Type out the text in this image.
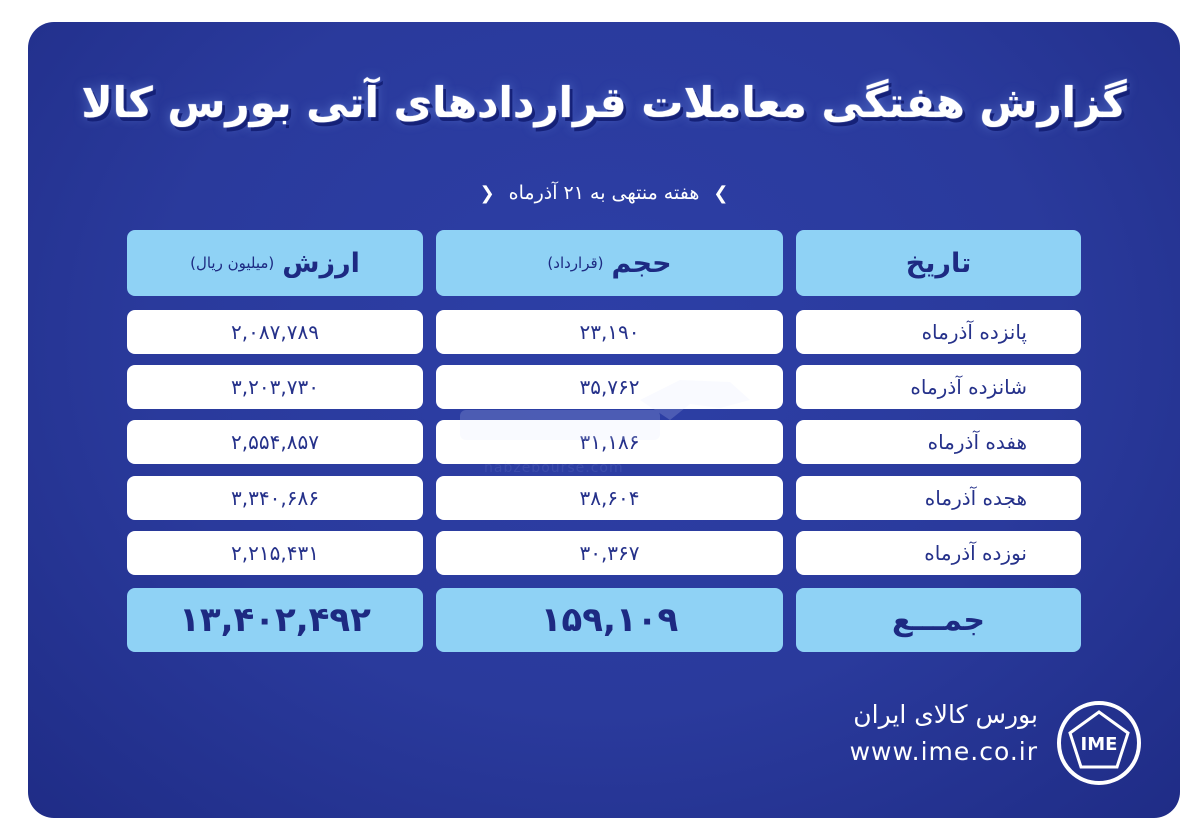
گزارش هفتگی معاملات قراردادهای آتی بورس کالا
❯
هفته منتهی به ۲۱ آذرماه
❮
تاریخ
حجم
(قرارداد)
ارزش
(میلیون ریال)
پانزده آذرماه
۲۳,۱۹۰
۲,۰۸۷,۷۸۹
شانزده آذرماه
۳۵,۷۶۲
۳,۲۰۳,۷۳۰
هفده آذرماه
۳۱,۱۸۶
۲,۵۵۴,۸۵۷
هجده آذرماه
۳۸,۶۰۴
۳,۳۴۰,۶۸۶
نوزده آذرماه
۳۰,۳۶۷
۲,۲۱۵,۴۳۱
جمـــع
۱۵۹,۱۰۹
۱۳,۴۰۲,۴۹۲
بورس کالای ایران
www.ime.co.ir IME
